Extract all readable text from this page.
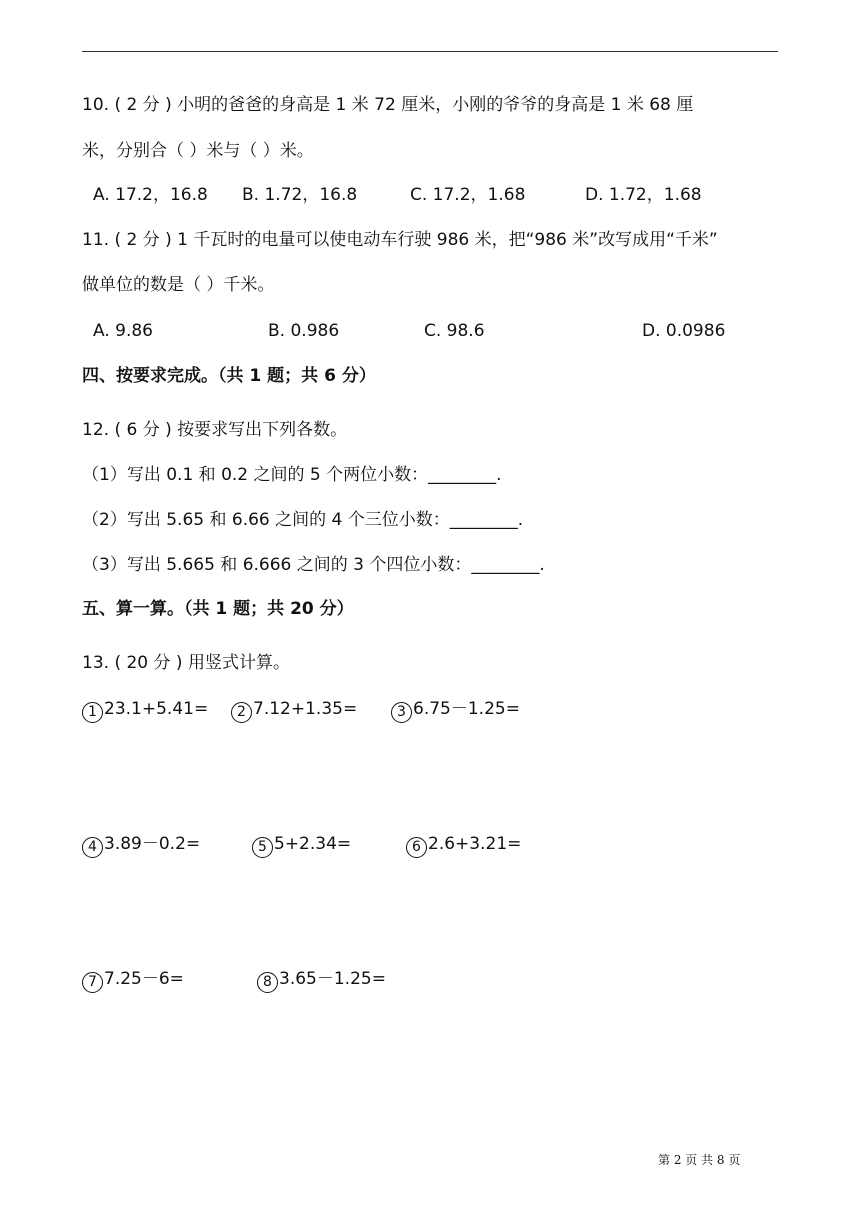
10. ( 2 分 ) 小明的爸爸的身高是 1 米 72 厘米，小刚的爷爷的身高是 1 米 68 厘
米，分别合（ ）米与（ ）米。
A. 17.2，16.8 B. 1.72，16.8	C. 17.2，1.68	D. 1.72，1.68
11. ( 2 分 ) 1 千瓦时的电量可以使电动车行驶 986 米，把“986 米”改写成用“千米”
做单位的数是（ ）千米。
A. 9.86	B. 0.986	C. 98.6	D. 0.0986
四、按要求完成。（共 1 题；共 6 分）
12. ( 6 分 ) 按要求写出下列各数。
（1）写出 0.1 和 0.2 之间的 5 个两位小数：________.
（2）写出 5.65 和 6.66 之间的 4 个三位小数：________.
（3）写出 5.665 和 6.666 之间的 3 个四位小数：________.
五、算一算。（共 1 题；共 20 分）
13. ( 20 分 ) 用竖式计算。
1 23.1+5.41=	2 7.12+1.35=	3 6.75－1.25=
4 3.89－0.2=	5 5+2.34=	6 2.6+3.21=
7 7.25－6=	8 3.65－1.25=
第 2 页 共 8 页
